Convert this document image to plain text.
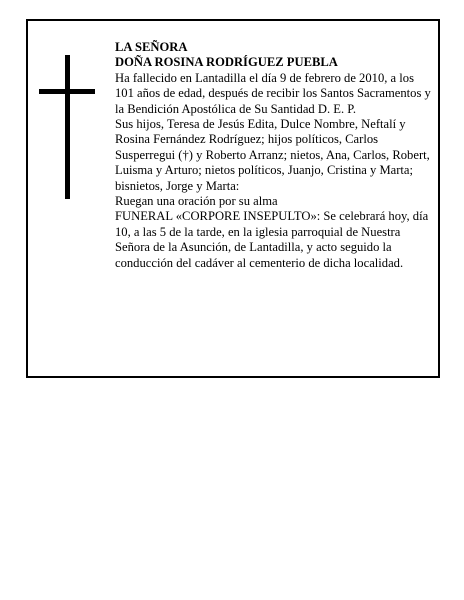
LA SEÑORA

DOÑA ROSINA RODRÍGUEZ PUEBLA

Ha fallecido en Lantadilla el día 9 de febrero de 2010, a los 101 años de edad, después de recibir los Santos Sacramentos y la Bendición Apostólica de Su Santidad D. E. P.

Sus hijos, Teresa de Jesús Edita, Dulce Nombre, Neftalí y Rosina Fernández Rodríguez; hijos políticos, Carlos Susperregui (†) y Roberto Arranz; nietos, Ana, Carlos, Robert, Luisma y Arturo; nietos políticos, Juanjo, Cristina y Marta; bisnietos, Jorge y Marta:

Ruegan una oración por su alma

FUNERAL «CORPORE INSEPULTO»: Se celebrará hoy, día 10, a las 5 de la tarde, en la iglesia parroquial de Nuestra Señora de la Asunción, de Lantadilla, y acto seguido la conducción del cadáver al cementerio de dicha localidad.
